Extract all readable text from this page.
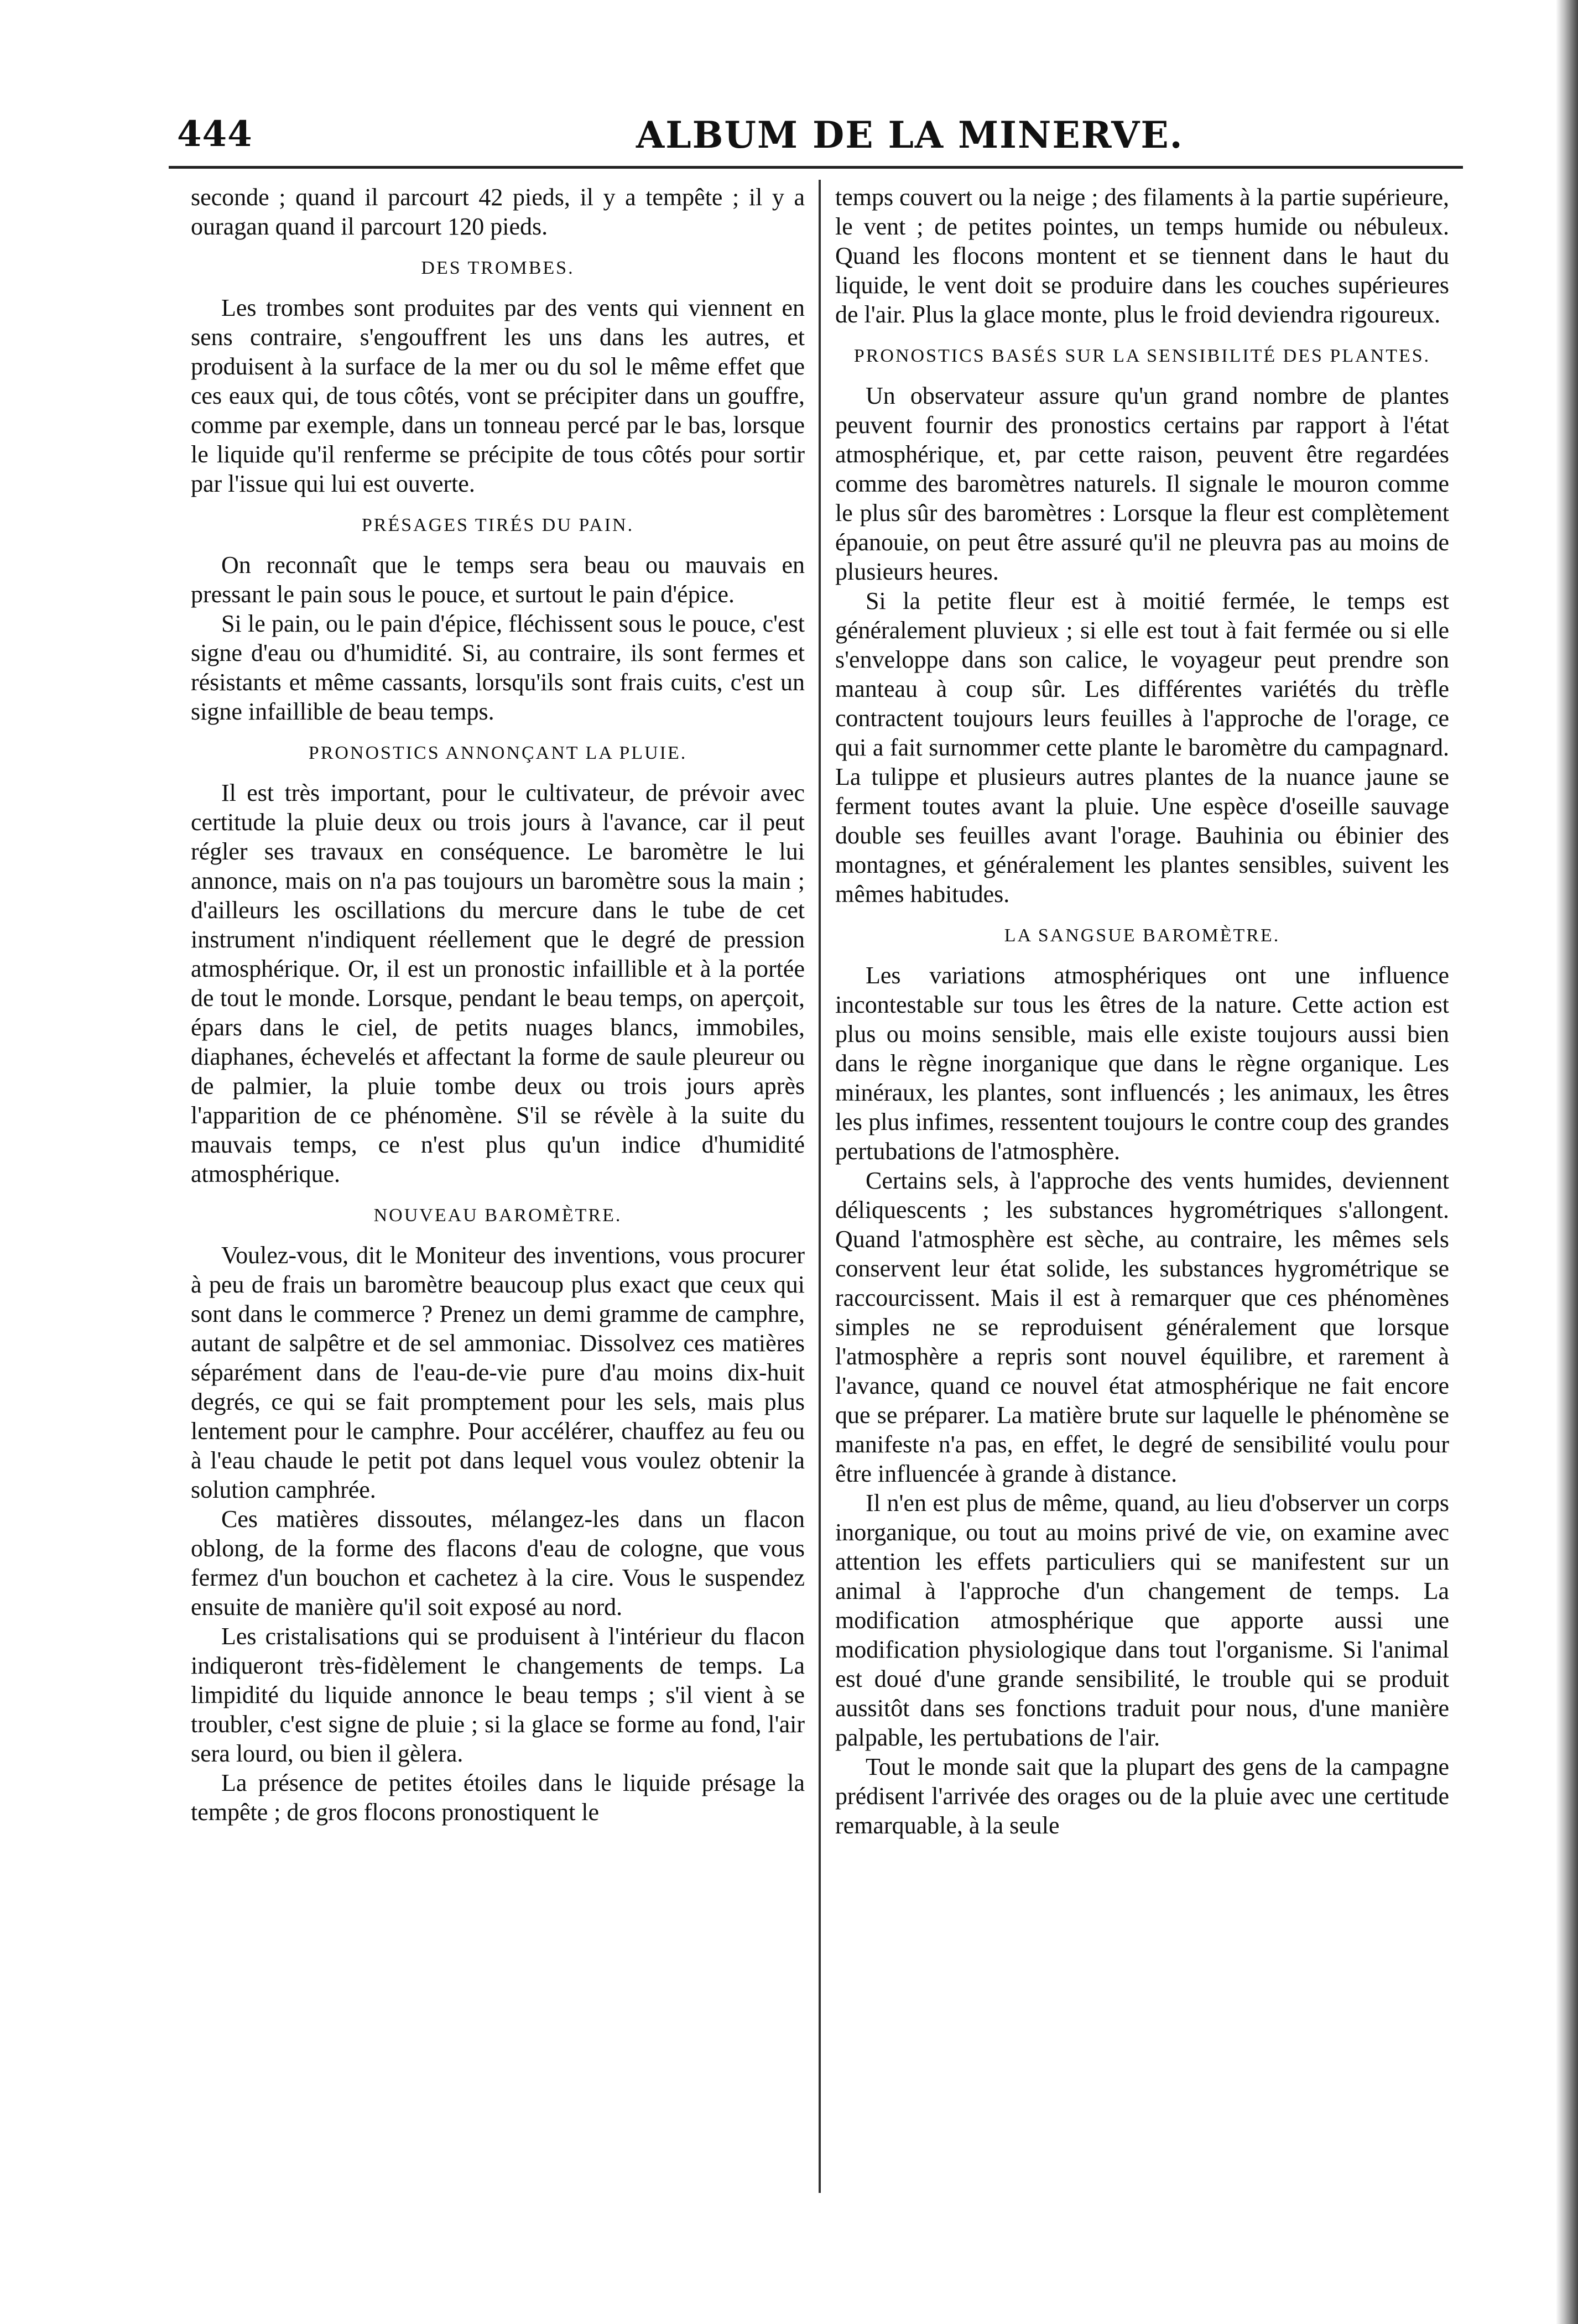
444	ALBUM DE LA MINERVE.

seconde ; quand il parcourt 42 pieds, il y a tempête ; il y a ouragan quand il parcourt 120 pieds.

DES TROMBES.

Les trombes sont produites par des vents qui viennent en sens contraire, s'engouffrent les uns dans les autres, et produisent à la surface de la mer ou du sol le même effet que ces eaux qui, de tous côtés, vont se précipiter dans un gouffre, comme par exemple, dans un tonneau percé par le bas, lorsque le liquide qu'il renferme se précipite de tous côtés pour sortir par l'issue qui lui est ouverte.

PRÉSAGES TIRÉS DU PAIN.

On reconnaît que le temps sera beau ou mauvais en pressant le pain sous le pouce, et surtout le pain d'épice.

Si le pain, ou le pain d'épice, fléchissent sous le pouce, c'est signe d'eau ou d'humidité. Si, au contraire, ils sont fermes et résistants et même cassants, lorsqu'ils sont frais cuits, c'est un signe infaillible de beau temps.

PRONOSTICS ANNONÇANT LA PLUIE.

Il est très important, pour le cultivateur, de prévoir avec certitude la pluie deux ou trois jours à l'avance, car il peut régler ses travaux en conséquence. Le baromètre le lui annonce, mais on n'a pas toujours un baromètre sous la main ; d'ailleurs les oscillations du mercure dans le tube de cet instrument n'indiquent réellement que le degré de pression atmosphérique. Or, il est un pronostic infaillible et à la portée de tout le monde. Lorsque, pendant le beau temps, on aperçoit, épars dans le ciel, de petits nuages blancs, immobiles, diaphanes, échevelés et affectant la forme de saule pleureur ou de palmier, la pluie tombe deux ou trois jours après l'apparition de ce phénomène. S'il se révèle à la suite du mauvais temps, ce n'est plus qu'un indice d'humidité atmosphérique.

NOUVEAU BAROMÈTRE.

Voulez-vous, dit le Moniteur des inventions, vous procurer à peu de frais un baromètre beaucoup plus exact que ceux qui sont dans le commerce ? Prenez un demi gramme de camphre, autant de salpêtre et de sel ammoniac. Dissolvez ces matières séparément dans de l'eau-de-vie pure d'au moins dix-huit degrés, ce qui se fait promptement pour les sels, mais plus lentement pour le camphre. Pour accélérer, chauffez au feu ou à l'eau chaude le petit pot dans lequel vous voulez obtenir la solution camphrée.

Ces matières dissoutes, mélangez-les dans un flacon oblong, de la forme des flacons d'eau de cologne, que vous fermez d'un bouchon et cachetez à la cire. Vous le suspendez ensuite de manière qu'il soit exposé au nord.

Les cristalisations qui se produisent à l'intérieur du flacon indiqueront très-fidèlement le changements de temps. La limpidité du liquide annonce le beau temps ; s'il vient à se troubler, c'est signe de pluie ; si la glace se forme au fond, l'air sera lourd, ou bien il gèlera.

La présence de petites étoiles dans le liquide présage la tempête ; de gros flocons pronostiquent le

temps couvert ou la neige ; des filaments à la partie supérieure, le vent ; de petites pointes, un temps humide ou nébuleux. Quand les flocons montent et se tiennent dans le haut du liquide, le vent doit se produire dans les couches supérieures de l'air. Plus la glace monte, plus le froid deviendra rigoureux.

PRONOSTICS BASÉS SUR LA SENSIBILITÉ DES PLANTES.

Un observateur assure qu'un grand nombre de plantes peuvent fournir des pronostics certains par rapport à l'état atmosphérique, et, par cette raison, peuvent être regardées comme des baromètres naturels. Il signale le mouron comme le plus sûr des baromètres : Lorsque la fleur est complètement épanouie, on peut être assuré qu'il ne pleuvra pas au moins de plusieurs heures.

Si la petite fleur est à moitié fermée, le temps est généralement pluvieux ; si elle est tout à fait fermée ou si elle s'enveloppe dans son calice, le voyageur peut prendre son manteau à coup sûr. Les différentes variétés du trèfle contractent toujours leurs feuilles à l'approche de l'orage, ce qui a fait surnommer cette plante le baromètre du campagnard. La tulippe et plusieurs autres plantes de la nuance jaune se ferment toutes avant la pluie. Une espèce d'oseille sauvage double ses feuilles avant l'orage. Bauhinia ou ébinier des montagnes, et généralement les plantes sensibles, suivent les mêmes habitudes.

LA SANGSUE BAROMÈTRE.

Les variations atmosphériques ont une influence incontestable sur tous les êtres de la nature. Cette action est plus ou moins sensible, mais elle existe toujours aussi bien dans le règne inorganique que dans le règne organique. Les minéraux, les plantes, sont influencés ; les animaux, les êtres les plus infimes, ressentent toujours le contre coup des grandes pertubations de l'atmosphère.

Certains sels, à l'approche des vents humides, deviennent déliquescents ; les substances hygrométriques s'allongent. Quand l'atmosphère est sèche, au contraire, les mêmes sels conservent leur état solide, les substances hygrométrique se raccourcissent. Mais il est à remarquer que ces phénomènes simples ne se reproduisent généralement que lorsque l'atmosphère a repris sont nouvel équilibre, et rarement à l'avance, quand ce nouvel état atmosphérique ne fait encore que se préparer. La matière brute sur laquelle le phénomène se manifeste n'a pas, en effet, le degré de sensibilité voulu pour être influencée à grande à distance.

Il n'en est plus de même, quand, au lieu d'observer un corps inorganique, ou tout au moins privé de vie, on examine avec attention les effets particuliers qui se manifestent sur un animal à l'approche d'un changement de temps. La modification atmosphérique que apporte aussi une modification physiologique dans tout l'organisme. Si l'animal est doué d'une grande sensibilité, le trouble qui se produit aussitôt dans ses fonctions traduit pour nous, d'une manière palpable, les pertubations de l'air.

Tout le monde sait que la plupart des gens de la campagne prédisent l'arrivée des orages ou de la pluie avec une certitude remarquable, à la seule
